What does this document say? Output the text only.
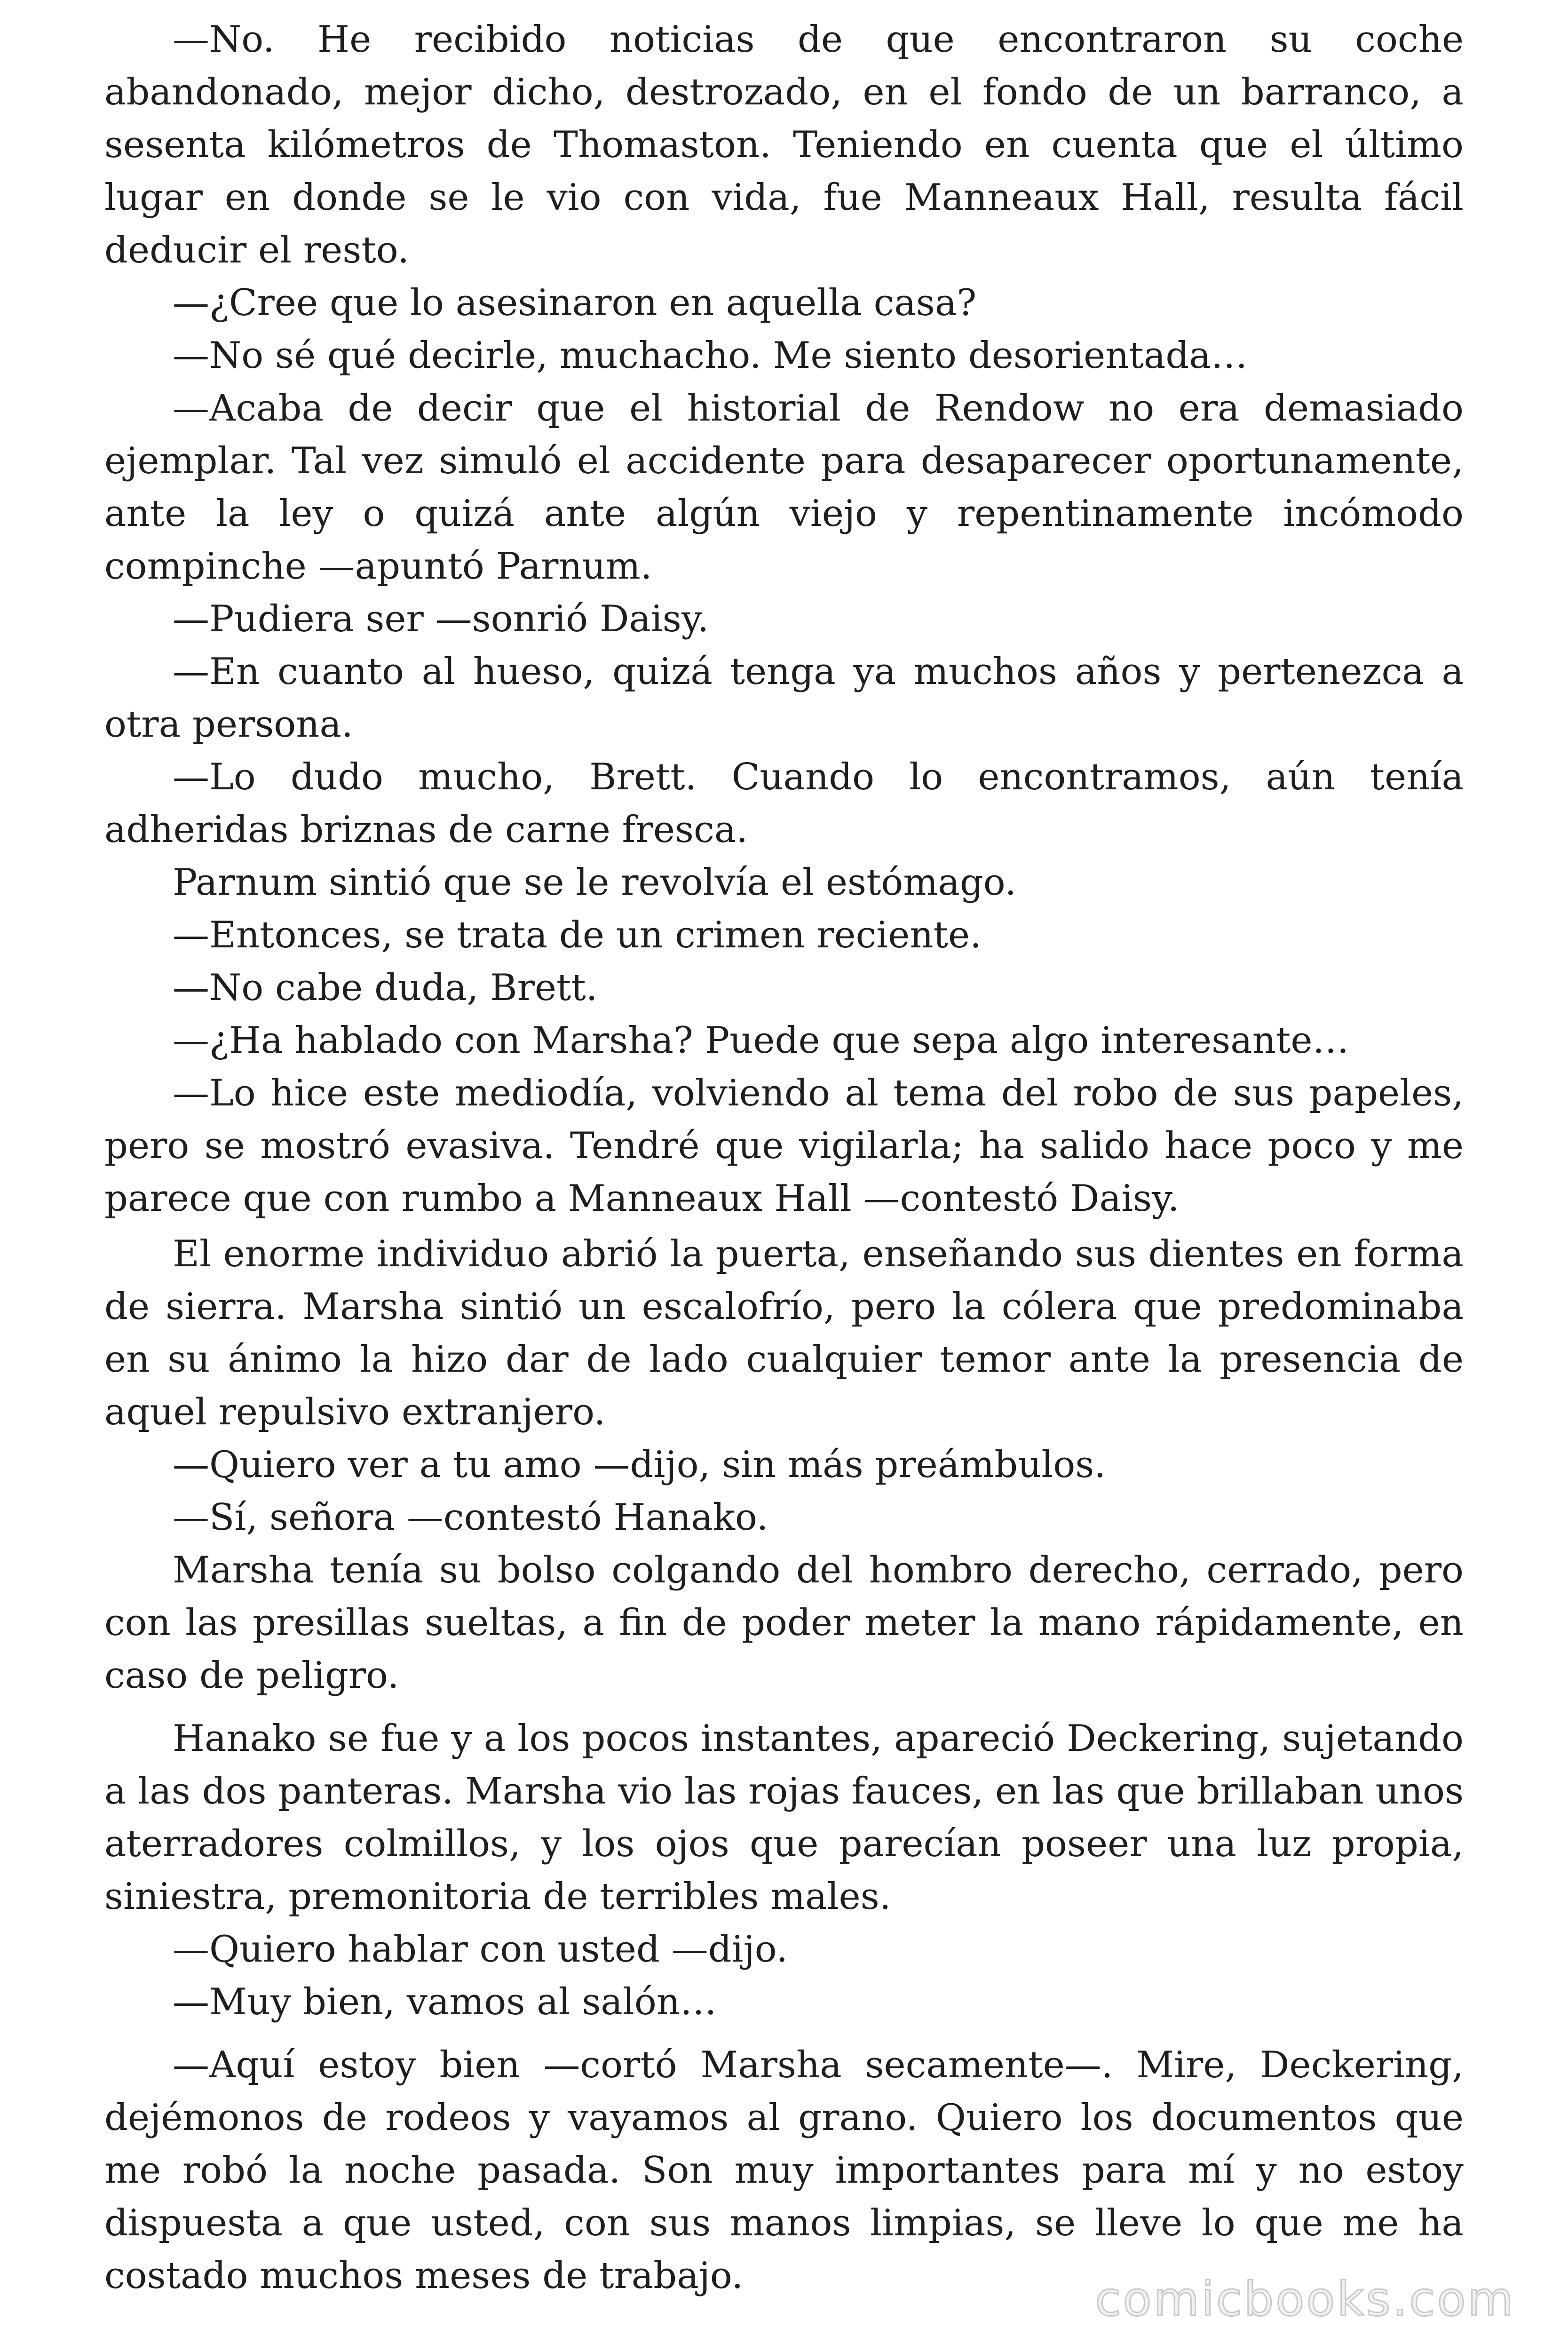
—No. He recibido noticias de que encontraron su coche abandonado, mejor dicho, destrozado, en el fondo de un barranco, a sesenta kilómetros de Thomaston. Teniendo en cuenta que el último lugar en donde se le vio con vida, fue Manneaux Hall, resulta fácil deducir el resto.

—¿Cree que lo asesinaron en aquella casa?

—No sé qué decirle, muchacho. Me siento desorientada…

—Acaba de decir que el historial de Rendow no era demasiado ejemplar. Tal vez simuló el accidente para desaparecer oportunamente, ante la ley o quizá ante algún viejo y repentinamente incómodo compinche —apuntó Parnum.

—Pudiera ser —sonrió Daisy.

—En cuanto al hueso, quizá tenga ya muchos años y pertenezca a otra persona.

—Lo dudo mucho, Brett. Cuando lo encontramos, aún tenía adheridas briznas de carne fresca.

Parnum sintió que se le revolvía el estómago.

—Entonces, se trata de un crimen reciente.

—No cabe duda, Brett.

—¿Ha hablado con Marsha? Puede que sepa algo interesante…

—Lo hice este mediodía, volviendo al tema del robo de sus papeles, pero se mostró evasiva. Tendré que vigilarla; ha salido hace poco y me parece que con rumbo a Manneaux Hall —contestó Daisy.

El enorme individuo abrió la puerta, enseñando sus dientes en forma de sierra. Marsha sintió un escalofrío, pero la cólera que predominaba en su ánimo la hizo dar de lado cualquier temor ante la presencia de aquel repulsivo extranjero.

—Quiero ver a tu amo —dijo, sin más preámbulos.

—Sí, señora —contestó Hanako.

Marsha tenía su bolso colgando del hombro derecho, cerrado, pero con las presillas sueltas, a fin de poder meter la mano rápidamente, en caso de peligro.

Hanako se fue y a los pocos instantes, apareció Deckering, sujetando a las dos panteras. Marsha vio las rojas fauces, en las que brillaban unos aterradores colmillos, y los ojos que parecían poseer una luz propia, siniestra, premonitoria de terribles males.

—Quiero hablar con usted —dijo.

—Muy bien, vamos al salón…

—Aquí estoy bien —cortó Marsha secamente—. Mire, Deckering, dejémonos de rodeos y vayamos al grano. Quiero los documentos que me robó la noche pasada. Son muy importantes para mí y no estoy dispuesta a que usted, con sus manos limpias, se lleve lo que me ha costado muchos meses de trabajo.	comicbooks.com
